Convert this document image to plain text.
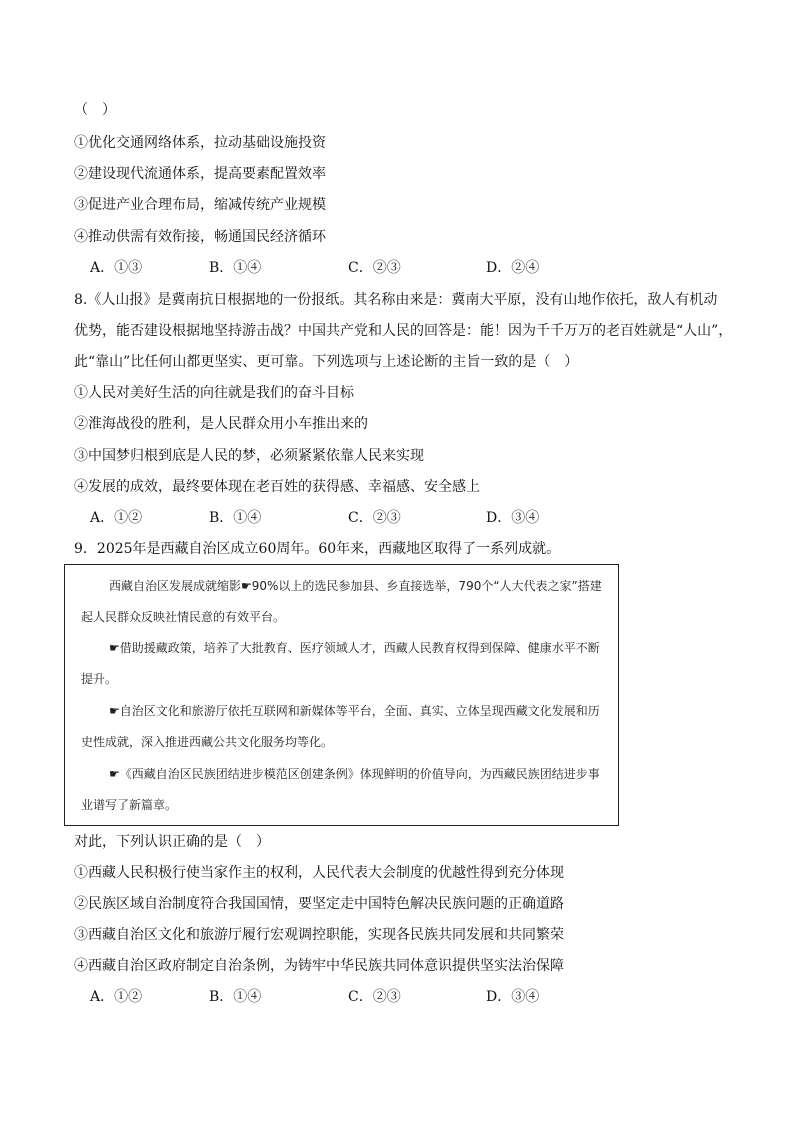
（　）
①优化交通网络体系，拉动基础设施投资
②建设现代流通体系，提高要素配置效率
③促进产业合理布局，缩减传统产业规模
④推动供需有效衔接，畅通国民经济循环
A．①③	B．①④	C．②③	D．②④
8.《人山报》是冀南抗日根据地的一份报纸。其名称由来是：冀南大平原，没有山地作依托，敌人有机动
优势，能否建设根据地坚持游击战？中国共产党和人民的回答是：能！因为千千万万的老百姓就是“人山”，
此“靠山”比任何山都更坚实、更可靠。下列选项与上述论断的主旨一致的是（　）
①人民对美好生活的向往就是我们的奋斗目标
②淮海战役的胜利，是人民群众用小车推出来的
③中国梦归根到底是人民的梦，必须紧紧依靠人民来实现
④发展的成效，最终要体现在老百姓的获得感、幸福感、安全感上
A．①②	B．①④	C．②③	D．③④
9．2025年是西藏自治区成立60周年。60年来，西藏地区取得了一系列成就。

西藏自治区发展成就缩影☛90%以上的选民参加县、乡直接选举，790个“人大代表之家”搭建起人民群众反映社情民意的有效平台。

☛借助援藏政策，培养了大批教育、医疗领域人才，西藏人民教育权得到保障、健康水平不断提升。

☛自治区文化和旅游厅依托互联网和新媒体等平台，全面、真实、立体呈现西藏文化发展和历史性成就，深入推进西藏公共文化服务均等化。

☛《西藏自治区民族团结进步模范区创建条例》体现鲜明的价值导向，为西藏民族团结进步事业谱写了新篇章。

对此，下列认识正确的是（　）
①西藏人民积极行使当家作主的权利，人民代表大会制度的优越性得到充分体现
②民族区域自治制度符合我国国情，要坚定走中国特色解决民族问题的正确道路
③西藏自治区文化和旅游厅履行宏观调控职能，实现各民族共同发展和共同繁荣
④西藏自治区政府制定自治条例，为铸牢中华民族共同体意识提供坚实法治保障
A．①②	B．①④	C．②③	D．③④
